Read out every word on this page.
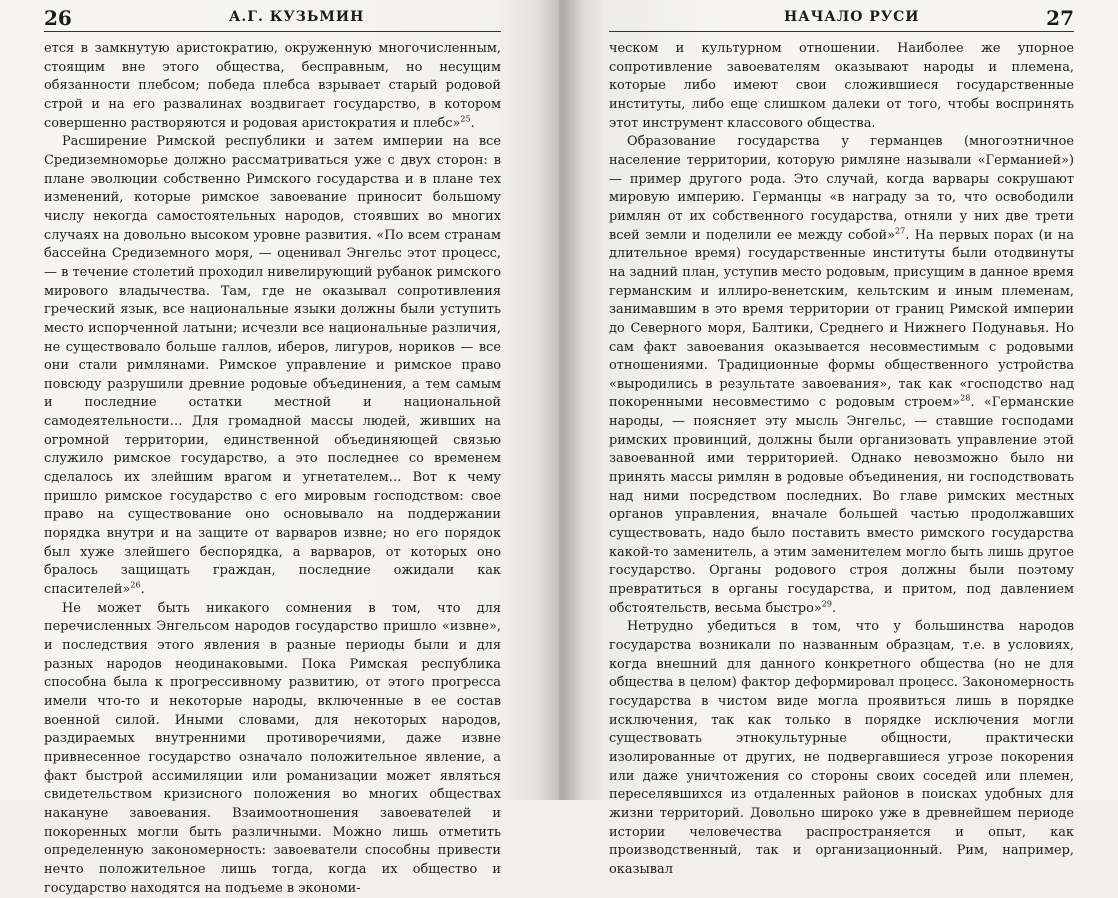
26	А.Г. КУЗЬМИН

ется в замкнутую аристократию, окруженную многочисленным, стоящим вне этого общества, бесправным, но несущим обязанности плебсом; победа плебса взрывает старый родовой строй и на его развалинах воздвигает государство, в котором совершенно растворяются и родовая аристократия и плебс»$^{25}$.

Расширение Римской республики и затем империи на все Средиземноморье должно рассматриваться уже с двух сторон: в плане эволюции собственно Римского государства и в плане тех изменений, которые римское завоевание приносит большому числу некогда самостоятельных народов, стоявших во многих случаях на довольно высоком уровне развития. «По всем странам бассейна Средиземного моря, — оценивал Энгельс этот процесс, — в течение столетий проходил нивелирующий рубанок римского мирового владычества. Там, где не оказывал сопротивления греческий язык, все национальные языки должны были уступить место испорченной латыни; исчезли все национальные различия, не существовало больше галлов, иберов, лигуров, нориков — все они стали римлянами. Римское управление и римское право повсюду разрушили древние родовые объединения, а тем самым и последние остатки местной и национальной самодеятельности… Для громадной массы людей, живших на огромной территории, единственной объединяющей связью служило римское государство, а это последнее со временем сделалось их злейшим врагом и угнетателем… Вот к чему пришло римское государство с его мировым господством: свое право на существование оно основывало на поддержании порядка внутри и на защите от варваров извне; но его порядок был хуже злейшего беспорядка, а варваров, от которых оно бралось защищать граждан, последние ожидали как спасителей»$^{26}$.

Не может быть никакого сомнения в том, что для перечисленных Энгельсом народов государство пришло «извне», и последствия этого явления в разные периоды были и для разных народов неодинаковыми. Пока Римская республика способна была к прогрессивному развитию, от этого прогресса имели что-то и некоторые народы, включенные в ее состав военной силой. Иными словами, для некоторых народов, раздираемых внутренними противоречиями, даже извне привнесенное государство означало положительное явление, а факт быстрой ассимиляции или романизации может являться свидетельством кризисного положения во многих обществах накануне завоевания. Взаимоотношения завоевателей и покоренных могли быть различными. Можно лишь отметить определенную закономерность: завоеватели способны привести нечто положительное лишь тогда, когда их общество и государство находятся на подъеме в экономи-

НАЧАЛО РУСИ	27

ческом и культурном отношении. Наиболее же упорное сопротивление завоевателям оказывают народы и племена, которые либо имеют свои сложившиеся государственные институты, либо еще слишком далеки от того, чтобы воспринять этот инструмент классового общества.

Образование государства у германцев (многоэтничное население территории, которую римляне называли «Германией») — пример другого рода. Это случай, когда варвары сокрушают мировую империю. Германцы «в награду за то, что освободили римлян от их собственного государства, отняли у них две трети всей земли и поделили ее между собой»$^{27}$. На первых порах (и на длительное время) государственные институты были отодвинуты на задний план, уступив место родовым, присущим в данное время германским и иллиро-венетским, кельтским и иным племенам, занимавшим в это время территории от границ Римской империи до Северного моря, Балтики, Среднего и Нижнего Подунавья. Но сам факт завоевания оказывается несовместимым с родовыми отношениями. Традиционные формы общественного устройства «выродились в результате завоевания», так как «господство над покоренными несовместимо с родовым строем»$^{28}$. «Германские народы, — поясняет эту мысль Энгельс, — ставшие господами римских провинций, должны были организовать управление этой завоеванной ими территорией. Однако невозможно было ни принять массы римлян в родовые объединения, ни господствовать над ними посредством последних. Во главе римских местных органов управления, вначале большей частью продолжавших существовать, надо было поставить вместо римского государства какой-то заменитель, а этим заменителем могло быть лишь другое государство. Органы родового строя должны были поэтому превратиться в органы государства, и притом, под давлением обстоятельств, весьма быстро»$^{29}$.

Нетрудно убедиться в том, что у большинства народов государства возникали по названным образцам, т.е. в условиях, когда внешний для данного конкретного общества (но не для общества в целом) фактор деформировал процесс. Закономерность государства в чистом виде могла проявиться лишь в порядке исключения, так как только в порядке исключения могли существовать этнокультурные общности, практически изолированные от других, не подвергавшиеся угрозе покорения или даже уничтожения со стороны своих соседей или племен, переселявшихся из отдаленных районов в поисках удобных для жизни территорий. Довольно широко уже в древнейшем периоде истории человечества распространяется и опыт, как производственный, так и организационный. Рим, например, оказывал
